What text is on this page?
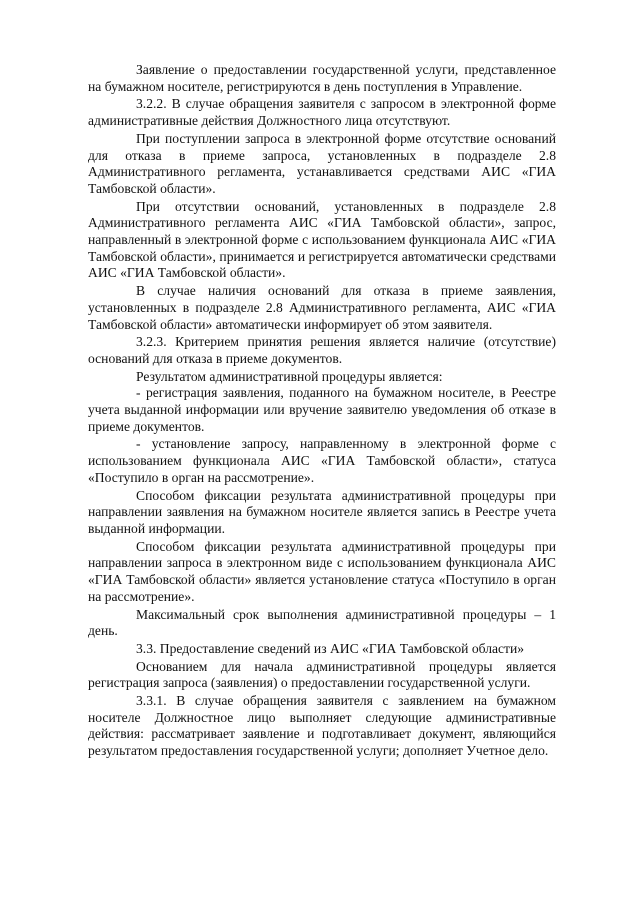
Заявление о предоставлении государственной услуги, представленное на бумажном носителе, регистрируются в день поступления в Управление.

3.2.2. В случае обращения заявителя с запросом в электронной форме административные действия Должностного лица отсутствуют.

При поступлении запроса в электронной форме отсутствие оснований для отказа в приеме запроса, установленных в подразделе 2.8 Административного регламента, устанавливается средствами АИС «ГИА Тамбовской области».

При отсутствии оснований, установленных в подразделе 2.8 Административного регламента АИС «ГИА Тамбовской области», запрос, направленный в электронной форме с использованием функционала АИС «ГИА Тамбовской области», принимается и регистрируется автоматически средствами АИС «ГИА Тамбовской области».

В случае наличия оснований для отказа в приеме заявления, установленных в подразделе 2.8 Административного регламента, АИС «ГИА Тамбовской области» автоматически информирует об этом заявителя.

3.2.3. Критерием принятия решения является наличие (отсутствие) оснований для отказа в приеме документов.

Результатом административной процедуры является:

- регистрация заявления, поданного на бумажном носителе, в Реестре учета выданной информации или вручение заявителю уведомления об отказе в приеме документов.

- установление запросу, направленному в электронной форме с использованием функционала АИС «ГИА Тамбовской области», статуса «Поступило в орган на рассмотрение».

Способом фиксации результата административной процедуры при направлении заявления на бумажном носителе является запись в Реестре учета выданной информации.

Способом фиксации результата административной процедуры при направлении запроса в электронном виде с использованием функционала АИС «ГИА Тамбовской области» является установление статуса «Поступило в орган на рассмотрение».

Максимальный срок выполнения административной процедуры – 1 день.

3.3. Предоставление сведений из АИС «ГИА Тамбовской области»

Основанием для начала административной процедуры является регистрация запроса (заявления) о предоставлении государственной услуги.

3.3.1. В случае обращения заявителя с заявлением на бумажном носителе Должностное лицо выполняет следующие административные действия: рассматривает заявление и подготавливает документ, являющийся результатом предоставления государственной услуги; дополняет Учетное дело.
